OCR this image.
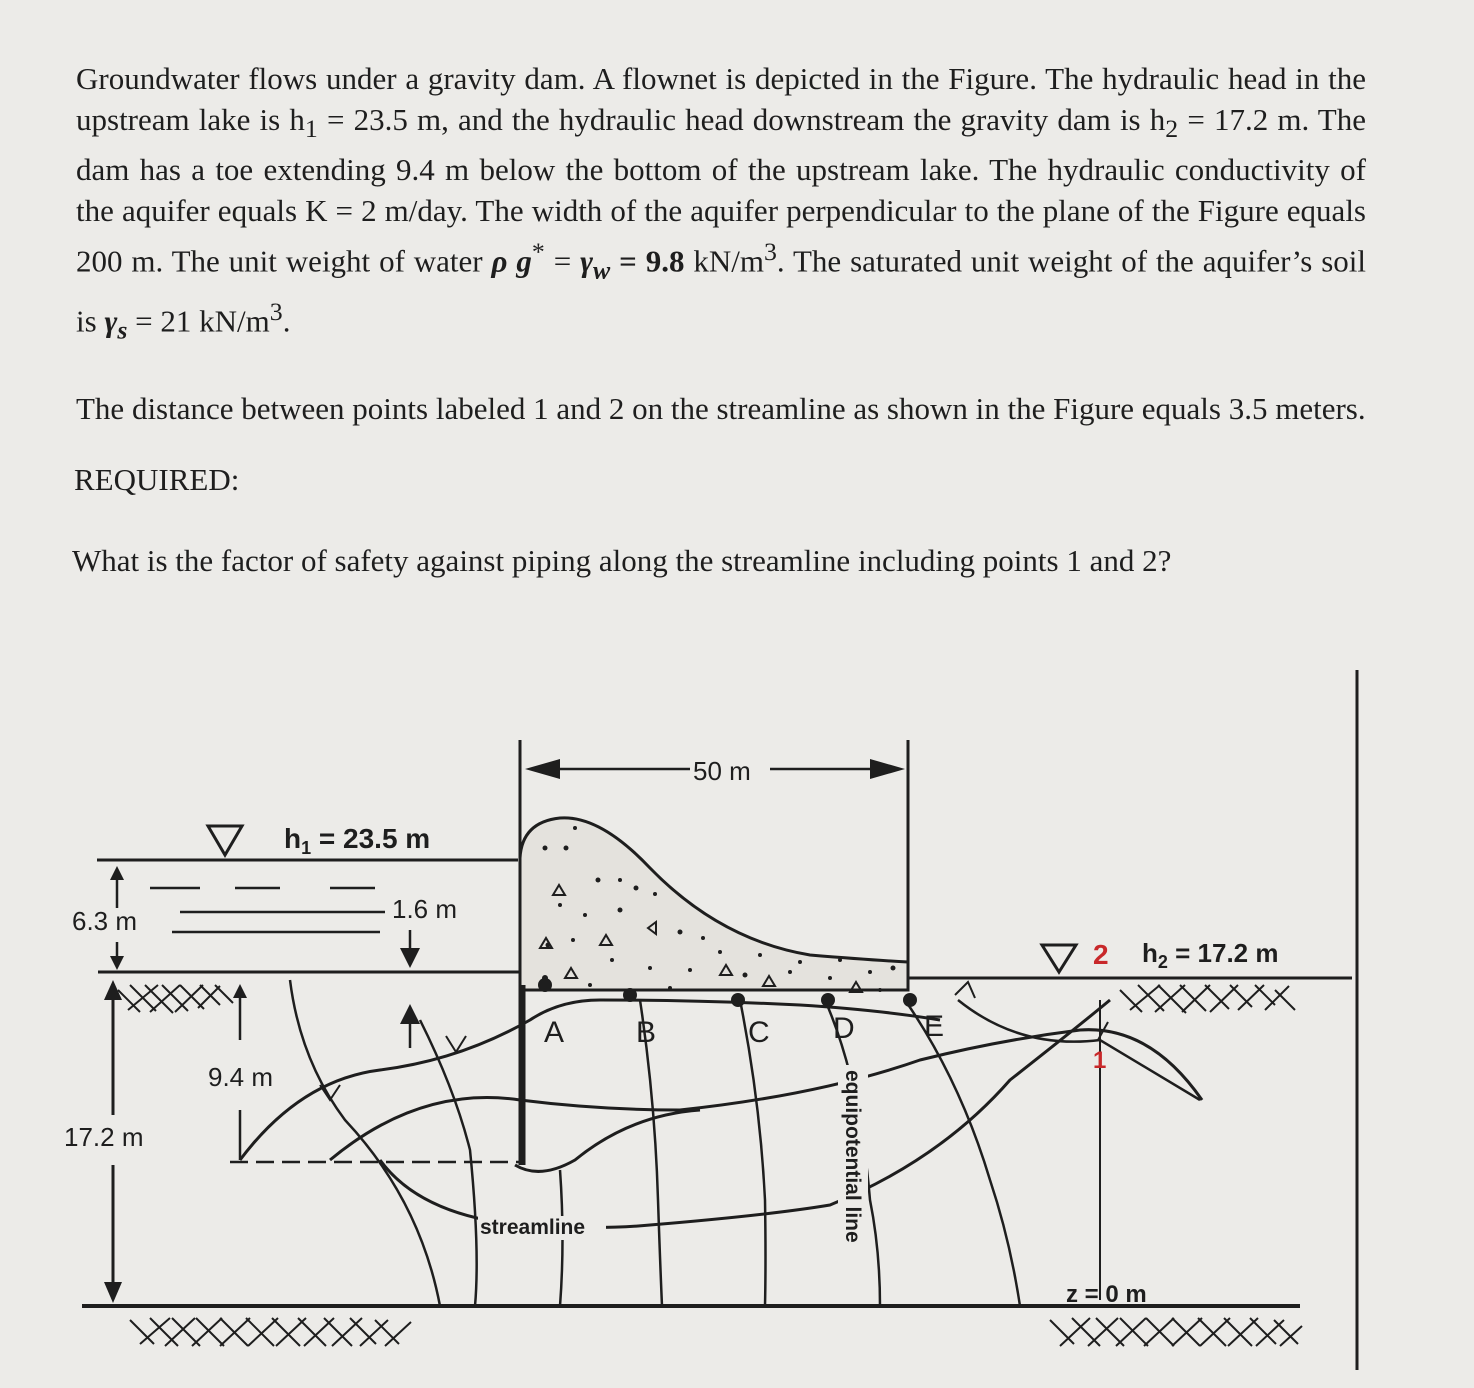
Groundwater flows under a gravity dam. A flownet is depicted in the Figure. The hydraulic head in the upstream lake is $h_1 = 23.5$ m, and the hydraulic head downstream the gravity dam is $h_2 = 17.2$ m. The dam has a toe extending 9.4 m below the bottom of the upstream lake. The hydraulic conductivity of the aquifer equals K = 2 m/day. The width of the aquifer perpendicular to the plane of the Figure equals 200 m. The unit weight of water ρ $g^* = \gamma_w = 9.8$ $kN/m^3$. The saturated unit weight of the aquifer’s soil is $\gamma_s = 21$ $kN/m^3$.

The distance between points labeled 1 and 2 on the streamline as shown in the Figure equals 3.5 meters.

REQUIRED:
What is the factor of safety against piping along the streamline including points 1 and 2?
50 m
$h_1 = 23.5$ m
2 $h_2 = 17.2$ m
1
6.3 m	1.6 m
9.4 m
17.2 m
A B	C D E
streamline	equipotential line
z = 0 m
